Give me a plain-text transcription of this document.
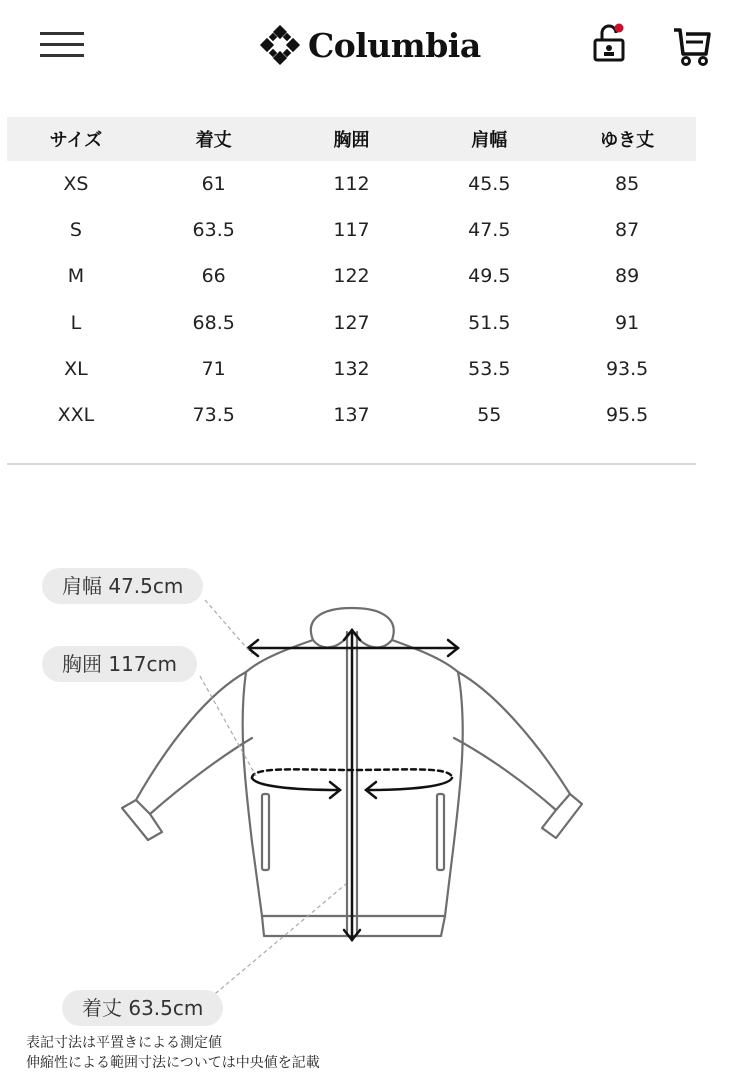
Columbia
サイズ	着丈	胸囲	肩幅	ゆき丈
XS	61	112	45.5	85
S	63.5	117	47.5	87
M	66	122	49.5	89
L	68.5	127	51.5	91
XL	71	132	53.5	93.5
XXL	73.5	137	55	95.5
肩幅 47.5cm
胸囲 117cm
着丈 63.5cm
表記寸法は平置きによる測定値
伸縮性による範囲寸法については中央値を記載
